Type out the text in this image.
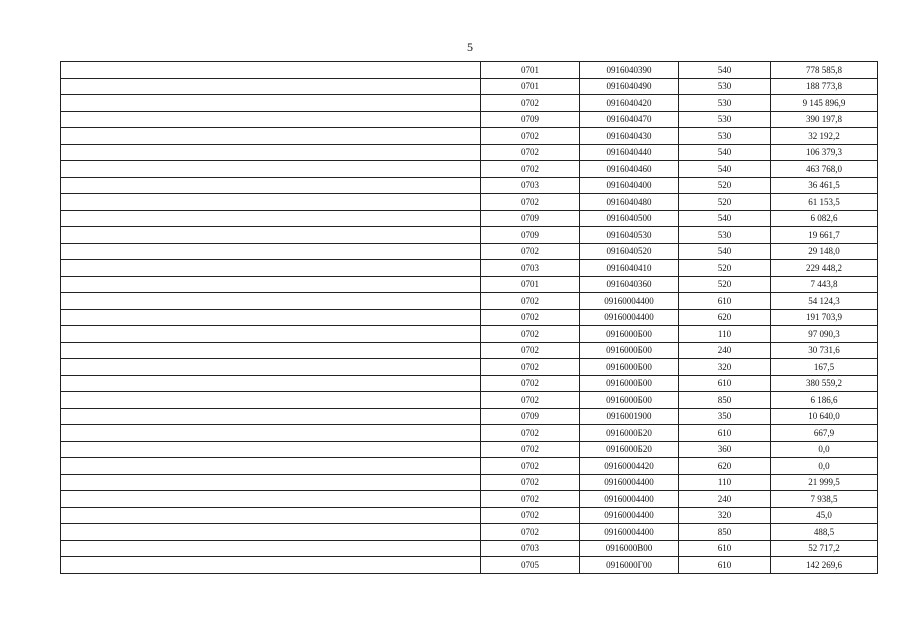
5
	0701	0916040390	540	778 585,8
	0701	0916040490	530	188 773,8
	0702	0916040420	530	9 145 896,9
	0709	0916040470	530	390 197,8
	0702	0916040430	530	32 192,2
	0702	0916040440	540	106 379,3
	0702	0916040460	540	463 768,0
	0703	0916040400	520	36 461,5
	0702	0916040480	520	61 153,5
	0709	0916040500	540	6 082,6
	0709	0916040530	530	19 661,7
	0702	0916040520	540	29 148,0
	0703	0916040410	520	229 448,2
	0701	0916040360	520	7 443,8
	0702	09160004400	610	54 124,3
	0702	09160004400	620	191 703,9
	0702	0916000Б00	110	97 090,3
	0702	0916000Б00	240	30 731,6
	0702	0916000Б00	320	167,5
	0702	0916000Б00	610	380 559,2
	0702	0916000Б00	850	6 186,6
	0709	0916001900	350	10 640,0
	0702	0916000Б20	610	667,9
	0702	0916000Б20	360	0,0
	0702	09160004420	620	0,0
	0702	09160004400	110	21 999,5
	0702	09160004400	240	7 938,5
	0702	09160004400	320	45,0
	0702	09160004400	850	488,5
	0703	0916000В00	610	52 717,2
	0705	0916000Г00	610	142 269,6
